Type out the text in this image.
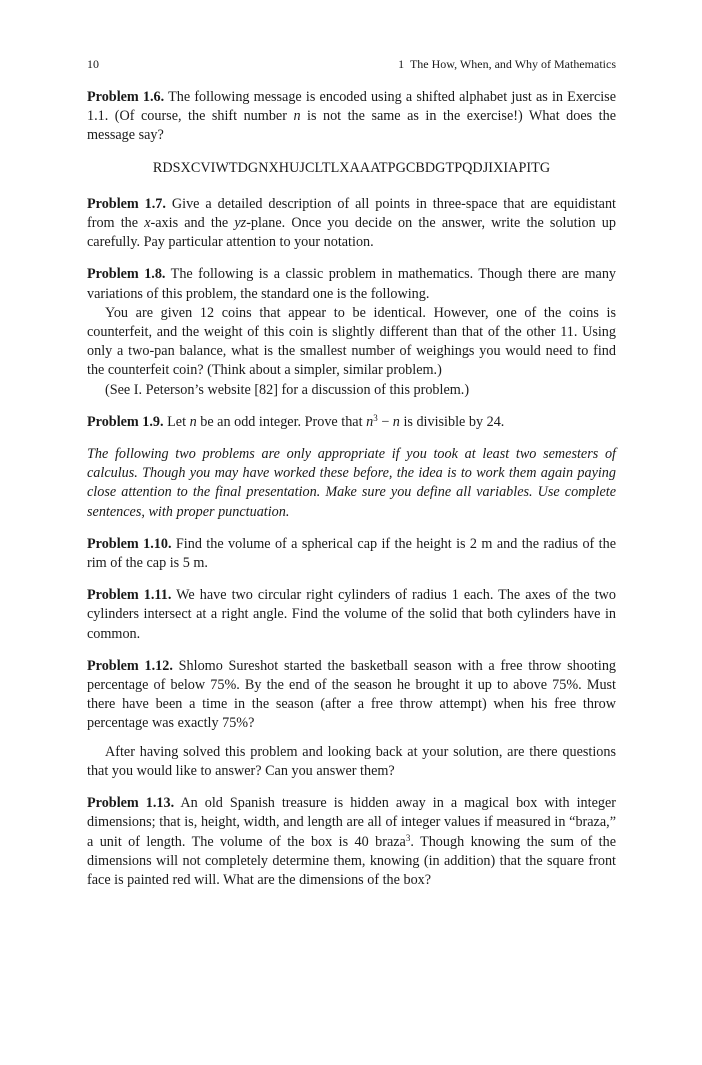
10	1  The How, When, and Why of Mathematics

Problem 1.6. The following message is encoded using a shifted alphabet just as in Exercise 1.1. (Of course, the shift number n is not the same as in the exercise!) What does the message say?

RDSXCVIWTDGNXHUJCLTLXAAATPGCBDGTPQDJIXIAPITG

Problem 1.7. Give a detailed description of all points in three-space that are equidistant from the x-axis and the yz-plane. Once you decide on the answer, write the solution up carefully. Pay particular attention to your notation.

Problem 1.8. The following is a classic problem in mathematics. Though there are many variations of this problem, the standard one is the following.

You are given 12 coins that appear to be identical. However, one of the coins is counterfeit, and the weight of this coin is slightly different than that of the other 11. Using only a two-pan balance, what is the smallest number of weighings you would need to find the counterfeit coin? (Think about a simpler, similar problem.)

(See I. Peterson’s website [82] for a discussion of this problem.)

Problem 1.9. Let n be an odd integer. Prove that $n^3 - n$ is divisible by 24.

The following two problems are only appropriate if you took at least two semesters of calculus. Though you may have worked these before, the idea is to work them again paying close attention to the final presentation. Make sure you define all variables. Use complete sentences, with proper punctuation.

Problem 1.10. Find the volume of a spherical cap if the height is 2 m and the radius of the rim of the cap is 5 m.

Problem 1.11. We have two circular right cylinders of radius 1 each. The axes of the two cylinders intersect at a right angle. Find the volume of the solid that both cylinders have in common.

Problem 1.12. Shlomo Sureshot started the basketball season with a free throw shooting percentage of below 75%. By the end of the season he brought it up to above 75%. Must there have been a time in the season (after a free throw attempt) when his free throw percentage was exactly 75%?

After having solved this problem and looking back at your solution, are there questions that you would like to answer? Can you answer them?

Problem 1.13. An old Spanish treasure is hidden away in a magical box with integer dimensions; that is, height, width, and length are all of integer values if measured in “braza,” a unit of length. The volume of the box is 40 braza$^3$. Though knowing the sum of the dimensions will not completely determine them, knowing (in addition) that the square front face is painted red will. What are the dimensions of the box?
